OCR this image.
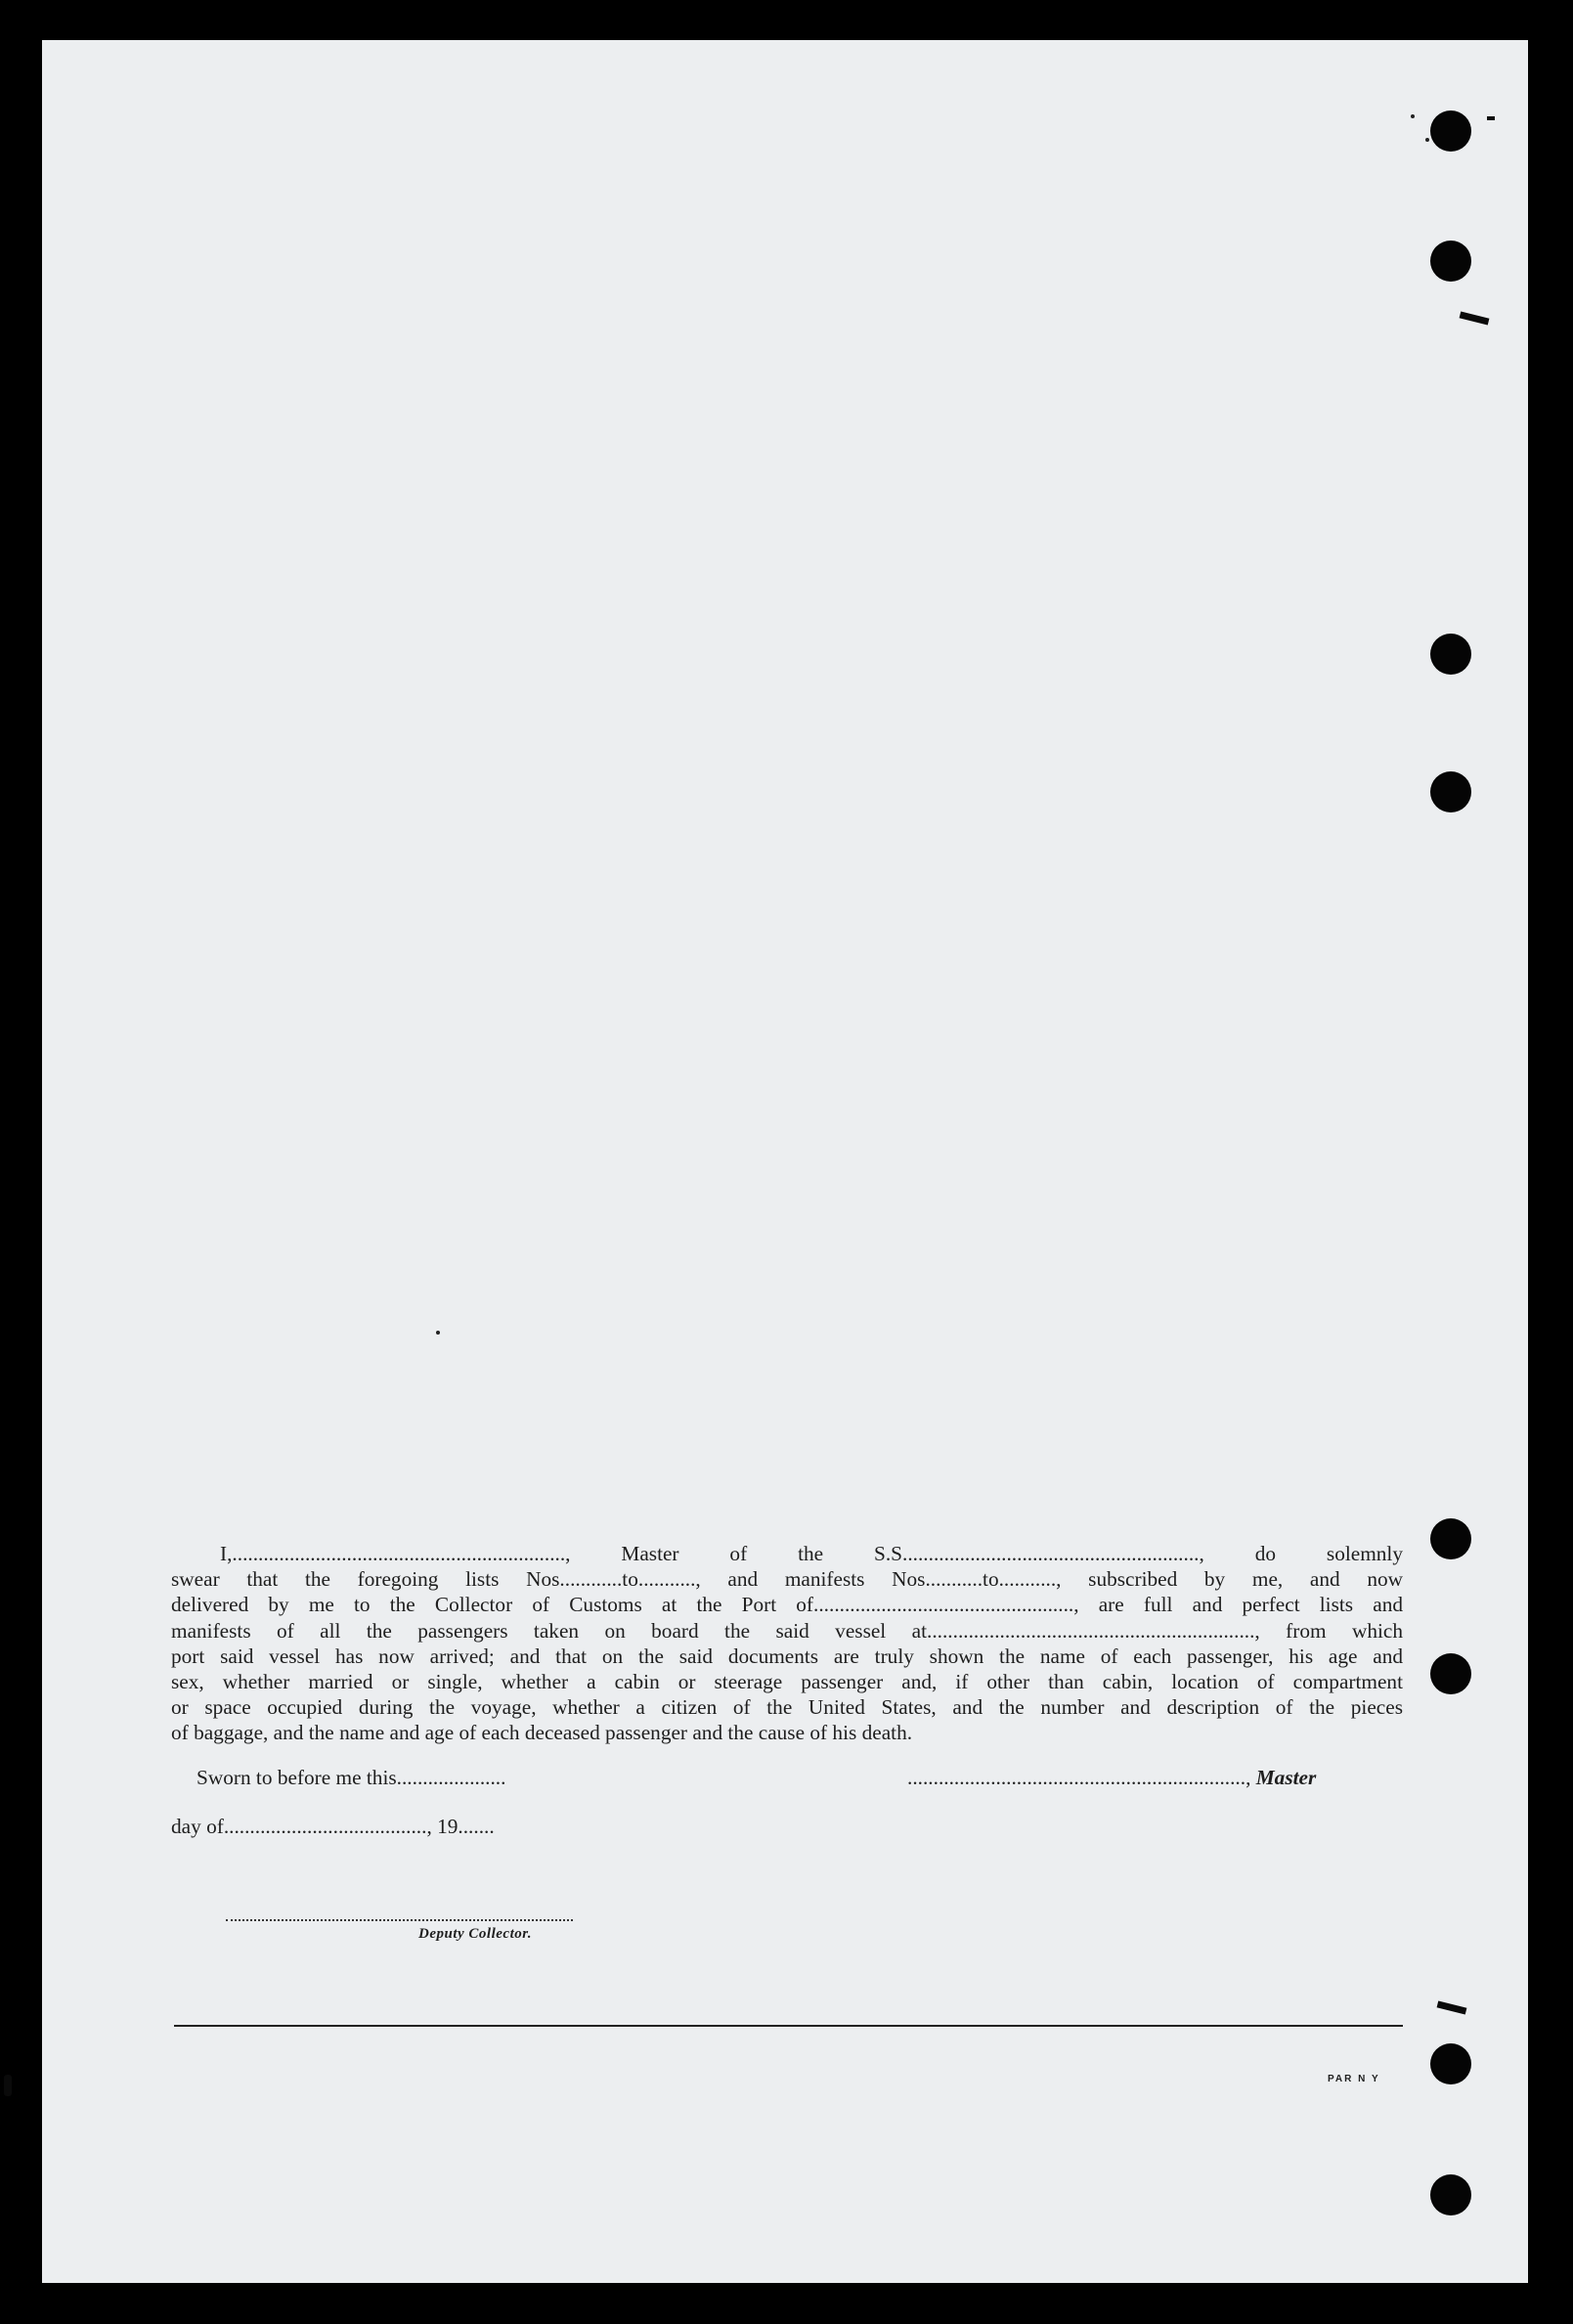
I,................................................................, Master of the S.S........................................................., do solemnly
swear that the foregoing lists Nos............to..........., and manifests Nos...........to..........., subscribed by me, and now
delivered by me to the Collector of Customs at the Port of.................................................., are full and perfect lists and
manifests of all the passengers taken on board the said vessel at..............................................................., from which
port said vessel has now arrived; and that on the said documents are truly shown the name of each passenger, his age and
sex, whether married or single, whether a cabin or steerage passenger and, if other than cabin, location of compartment
or space occupied during the voyage, whether a citizen of the United States, and the number and description of the pieces
of baggage, and the name and age of each deceased passenger and the cause of his death.

Sworn to before me this.....................	................................................................., Master
day of......................................., 19.......
Deputy Collector.
PAR N Y
